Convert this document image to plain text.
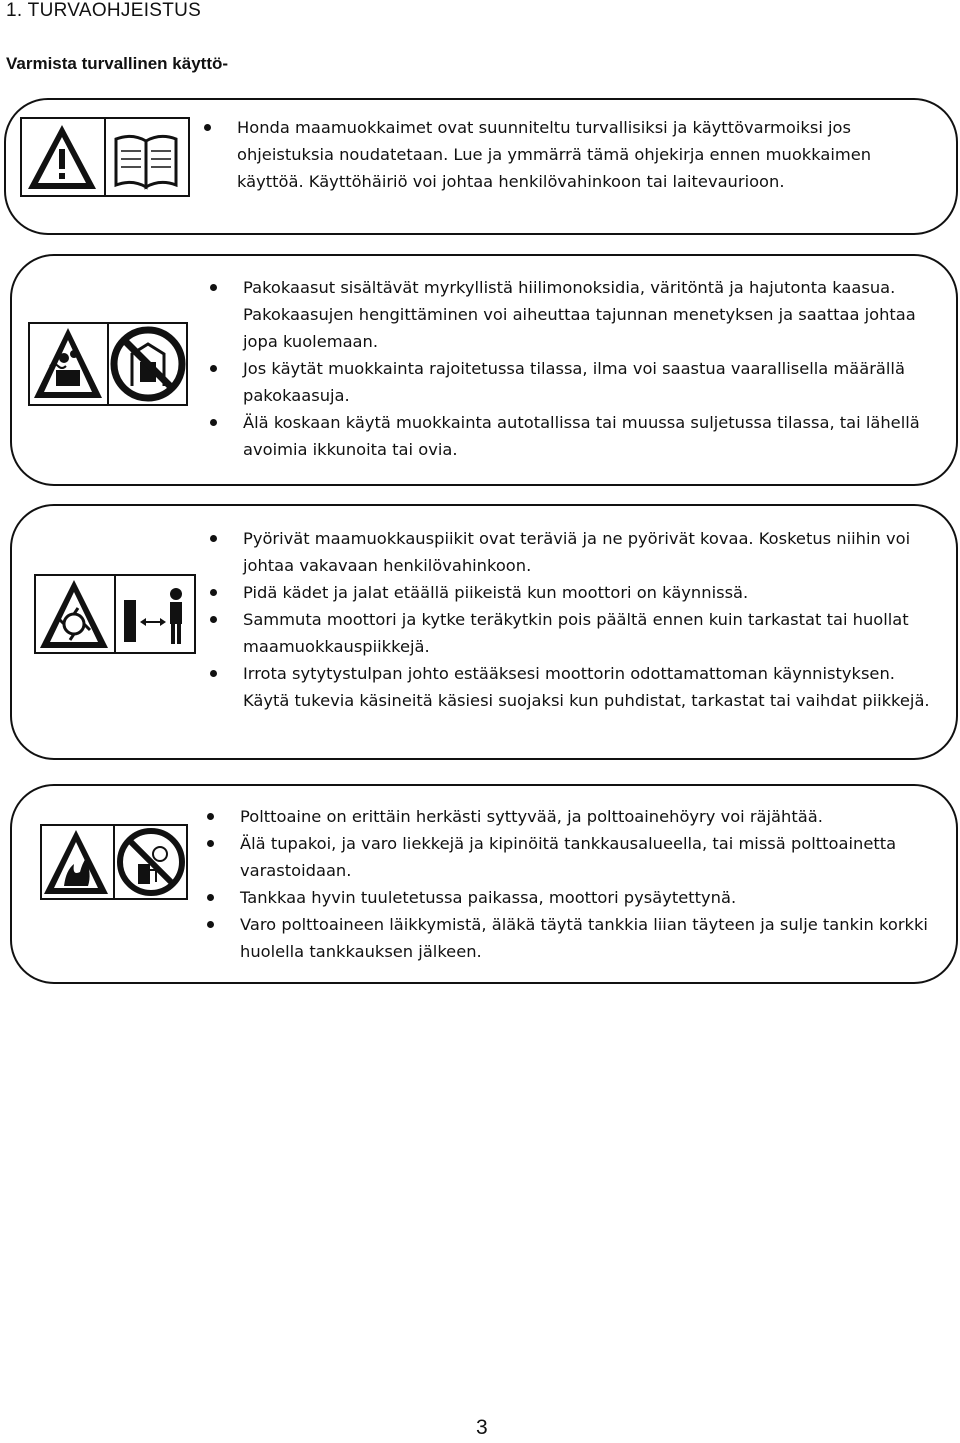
1. TURVAOHJEISTUS
Varmista turvallinen käyttö-
Honda maamuokkaimet ovat suunniteltu turvallisiksi ja käyttövarmoiksi jos ohjeistuksia noudatetaan. Lue ja ymmärrä tämä ohjekirja ennen muokkaimen käyttöä. Käyttöhäiriö voi johtaa henkilövahinkoon tai laitevaurioon.
Pakokaasut sisältävät myrkyllistä hiilimonoksidia, väritöntä ja hajutonta kaasua. Pakokaasujen hengittäminen voi aiheuttaa tajunnan menetyksen ja saattaa johtaa jopa kuolemaan.
Jos käytät muokkainta rajoitetussa tilassa, ilma voi saastua vaarallisella määrällä pakokaasuja.
Älä koskaan käytä muokkainta autotallissa tai muussa suljetussa tilassa, tai lähellä avoimia ikkunoita tai ovia.
Pyörivät maamuokkauspiikit ovat teräviä ja ne pyörivät kovaa. Kosketus niihin voi johtaa vakavaan henkilövahinkoon.
Pidä kädet ja jalat etäällä piikeistä kun moottori on käynnissä.
Sammuta moottori ja kytke teräkytkin pois päältä ennen kuin tarkastat tai huollat maamuokkauspiikkejä.
Irrota sytytystulpan johto estääksesi moottorin odottamattoman käynnistyksen. Käytä tukevia käsineitä käsiesi suojaksi kun puhdistat, tarkastat tai vaihdat piikkejä.
Polttoaine on erittäin herkästi syttyvää, ja polttoainehöyry voi räjähtää.
Älä tupakoi, ja varo liekkejä ja kipinöitä tankkausalueella, tai missä polttoainetta varastoidaan.
Tankkaa hyvin tuuletetussa paikassa, moottori pysäytettynä.
Varo polttoaineen läikkymistä, äläkä täytä tankkia liian täyteen ja sulje tankin korkki huolella tankkauksen jälkeen.
3
